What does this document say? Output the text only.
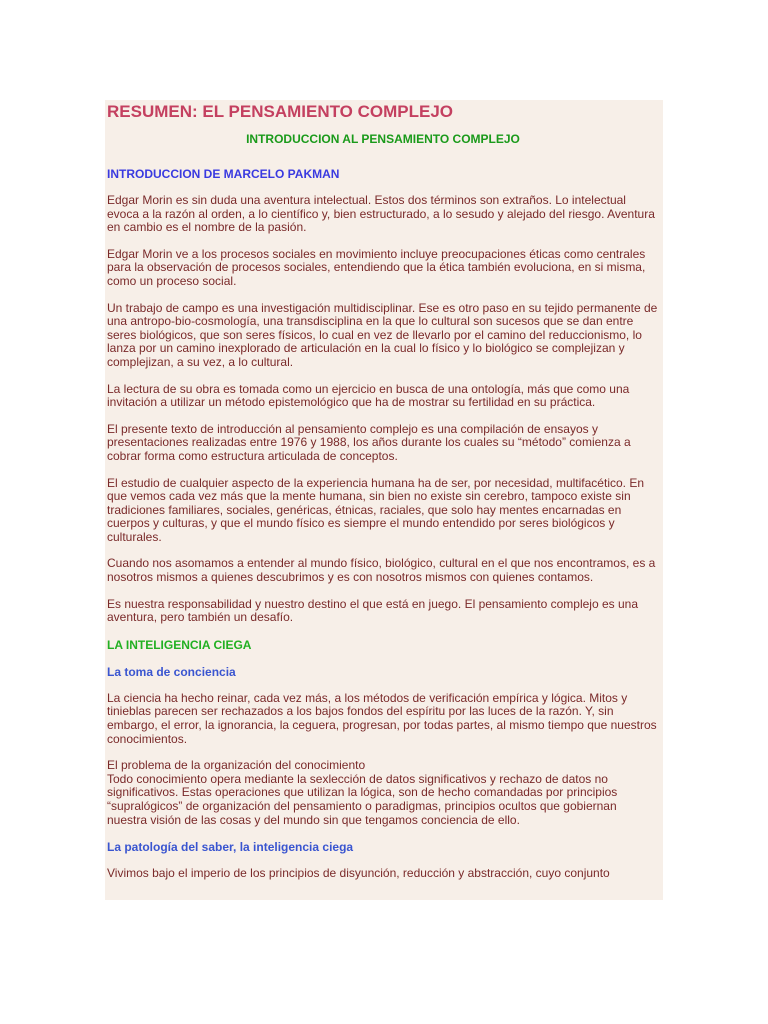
RESUMEN: EL PENSAMIENTO COMPLEJO
INTRODUCCION AL PENSAMIENTO COMPLEJO
INTRODUCCION DE MARCELO PAKMAN
Edgar Morin es sin duda una aventura intelectual. Estos dos términos son extraños. Lo intelectual evoca a la razón al orden, a lo científico y, bien estructurado, a lo sesudo y alejado del riesgo. Aventura en cambio es el nombre de la pasión.
Edgar Morin ve a los procesos sociales en movimiento incluye preocupaciones éticas como centrales para la observación de procesos sociales, entendiendo que la ética también evoluciona, en si misma, como un proceso social.
Un trabajo de campo es una investigación multidisciplinar. Ese es otro paso en su tejido permanente de una antropo-bio-cosmología, una transdisciplina en la que lo cultural son sucesos que se dan entre seres biológicos, que son seres físicos, lo cual en vez de llevarlo por el camino del reduccionismo, lo lanza por un camino inexplorado de articulación en la cual lo físico y lo biológico se complejizan y complejizan, a su vez, a lo cultural.
La lectura de su obra es tomada como un ejercicio en busca de una ontología, más que como una invitación a utilizar un método epistemológico que ha de mostrar su fertilidad en su práctica.
El presente texto de introducción al pensamiento complejo es una compilación de ensayos y presentaciones realizadas entre 1976 y 1988, los años durante los cuales su “método” comienza a cobrar forma como estructura articulada de conceptos.
El estudio de cualquier aspecto de la experiencia humana ha de ser, por necesidad, multifacético. En que vemos cada vez más que la mente humana, sin bien no existe sin cerebro, tampoco existe sin tradiciones familiares, sociales, genéricas, étnicas, raciales, que solo hay mentes encarnadas en cuerpos y culturas, y que el mundo físico es siempre el mundo entendido por seres biológicos y culturales.
Cuando nos asomamos a entender al mundo físico, biológico, cultural en el que nos encontramos, es a nosotros mismos a quienes descubrimos y es con nosotros mismos con quienes contamos.
Es nuestra responsabilidad y nuestro destino el que está en juego. El pensamiento complejo es una aventura, pero también un desafío.
LA INTELIGENCIA CIEGA
La toma de conciencia
La ciencia ha hecho reinar, cada vez más, a los métodos de verificación empírica y lógica. Mitos y tinieblas parecen ser rechazados a los bajos fondos del espíritu por las luces de la razón. Y, sin embargo, el error, la ignorancia, la ceguera, progresan, por todas partes, al mismo tiempo que nuestros conocimientos.
El problema de la organización del conocimiento
Todo conocimiento opera mediante la sexlección de datos significativos y rechazo de datos no significativos. Estas operaciones que utilizan la lógica, son de hecho comandadas por principios “supralógicos” de organización del pensamiento o paradigmas, principios ocultos que gobiernan nuestra visión de las cosas y del mundo sin que tengamos conciencia de ello.
La patología del saber, la inteligencia ciega
Vivimos bajo el imperio de los principios de disyunción, reducción y abstracción, cuyo conjunto
